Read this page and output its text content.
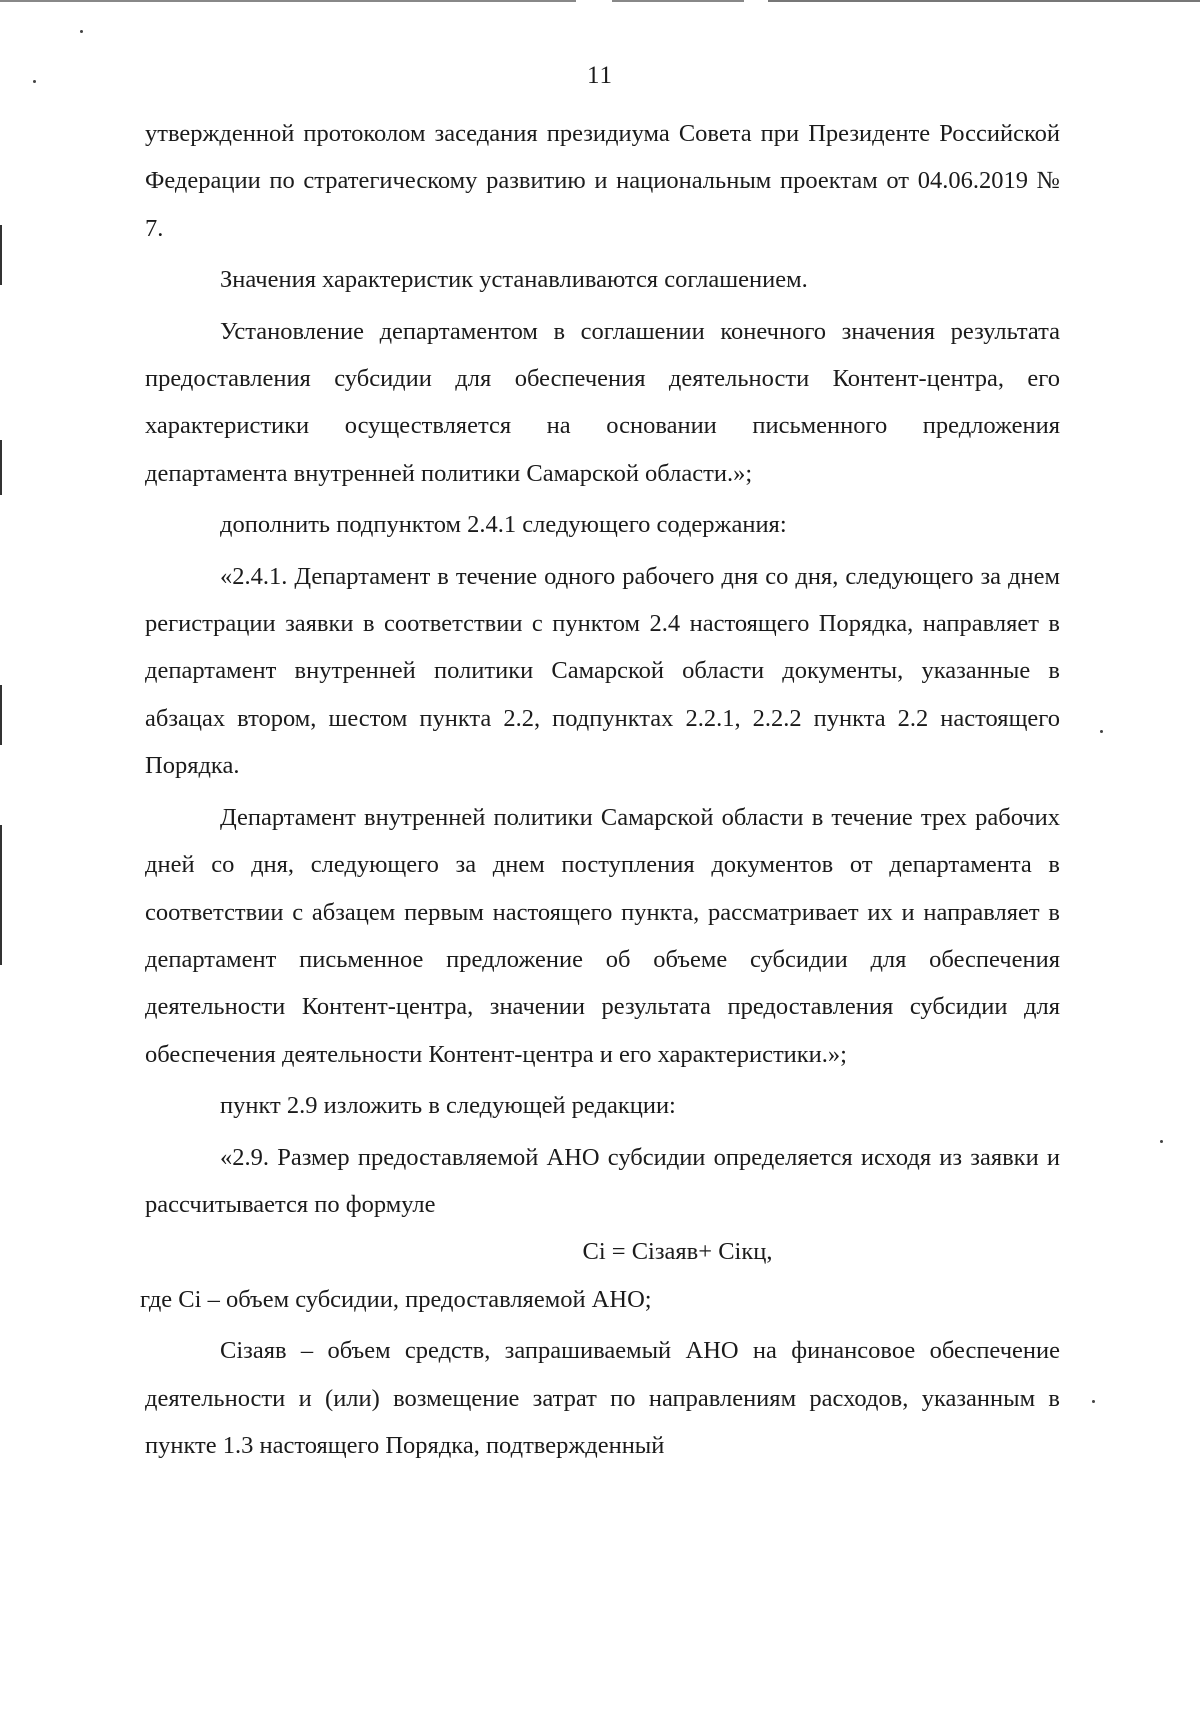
11

утвержденной протоколом заседания президиума Совета при Президенте Российской Федерации по стратегическому развитию и национальным проектам от 04.06.2019 № 7.

Значения характеристик устанавливаются соглашением.

Установление департаментом в соглашении конечного значения результата предоставления субсидии для обеспечения деятельности Контент-центра, его характеристики осуществляется на основании письменного предложения департамента внутренней политики Самарской области.»;

дополнить подпунктом 2.4.1 следующего содержания:

«2.4.1. Департамент в течение одного рабочего дня со дня, следующего за днем регистрации заявки в соответствии с пунктом 2.4 настоящего Порядка, направляет в департамент внутренней политики Самарской области документы, указанные в абзацах втором, шестом пункта 2.2, подпунктах 2.2.1, 2.2.2 пункта 2.2 настоящего Порядка.

Департамент внутренней политики Самарской области в течение трех рабочих дней со дня, следующего за днем поступления документов от департамента в соответствии с абзацем первым настоящего пункта, рассматривает их и направляет в департамент письменное предложение об объеме субсидии для обеспечения деятельности Контент-центра, значении результата предоставления субсидии для обеспечения деятельности Контент-центра и его характеристики.»;

пункт 2.9 изложить в следующей редакции:

«2.9. Размер предоставляемой АНО субсидии определяется исходя из заявки и рассчитывается по формуле

Сi = Сiзаяв+ Сiкц,

где Сi – объем субсидии, предоставляемой АНО;

Сiзаяв – объем средств, запрашиваемый АНО на финансовое обеспечение деятельности и (или) возмещение затрат по направлениям расходов, указанным в пункте 1.3 настоящего Порядка, подтвержденный
